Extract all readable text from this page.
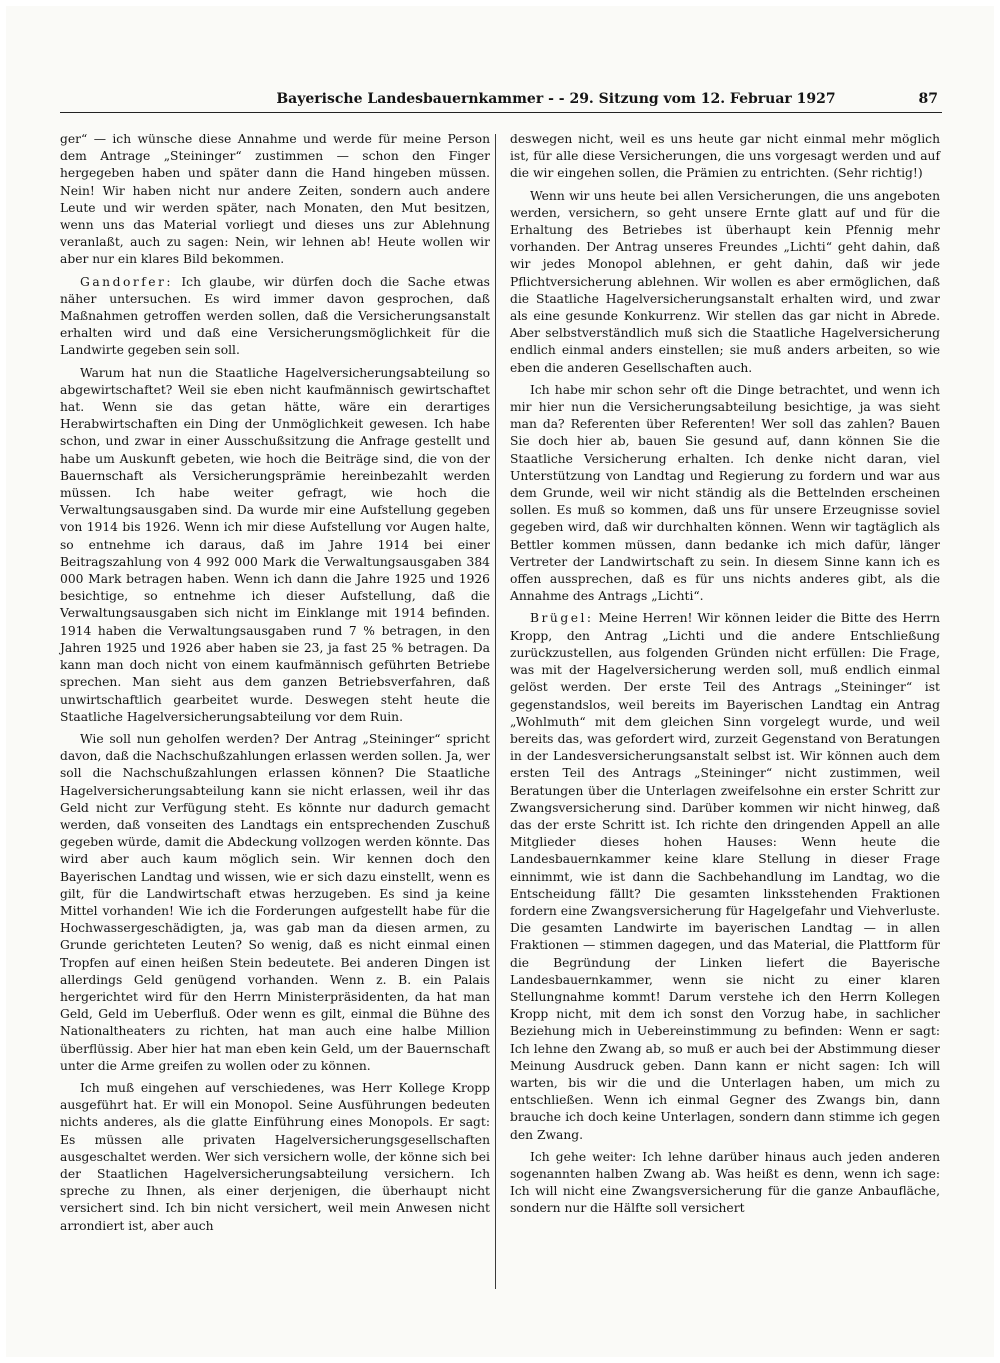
Bayerische Landesbauernkammer - - 29. Sitzung vom 12. Februar 1927	87

ger“ — ich wünsche diese Annahme und werde für meine Person dem Antrage „Steininger“ zustimmen — schon den Finger hergegeben haben und später dann die Hand hingeben müssen. Nein! Wir haben nicht nur andere Zeiten, sondern auch andere Leute und wir werden später, nach Monaten, den Mut besitzen, wenn uns das Material vorliegt und dieses uns zur Ablehnung veranlaßt, auch zu sagen: Nein, wir lehnen ab! Heute wollen wir aber nur ein klares Bild bekommen.

Gandorfer: Ich glaube, wir dürfen doch die Sache etwas näher untersuchen. Es wird immer davon gesprochen, daß Maßnahmen getroffen werden sollen, daß die Versicherungsanstalt erhalten wird und daß eine Versicherungsmöglichkeit für die Landwirte gegeben sein soll.

Warum hat nun die Staatliche Hagelversicherungsabteilung so abgewirtschaftet? Weil sie eben nicht kaufmännisch gewirtschaftet hat. Wenn sie das getan hätte, wäre ein derartiges Herabwirtschaften ein Ding der Unmöglichkeit gewesen. Ich habe schon, und zwar in einer Ausschußsitzung die Anfrage gestellt und habe um Auskunft gebeten, wie hoch die Beiträge sind, die von der Bauernschaft als Versicherungsprämie hereinbezahlt werden müssen. Ich habe weiter gefragt, wie hoch die Verwaltungsausgaben sind. Da wurde mir eine Aufstellung gegeben von 1914 bis 1926. Wenn ich mir diese Aufstellung vor Augen halte, so entnehme ich daraus, daß im Jahre 1914 bei einer Beitragszahlung von 4 992 000 Mark die Verwaltungsausgaben 384 000 Mark betragen haben. Wenn ich dann die Jahre 1925 und 1926 besichtige, so entnehme ich dieser Aufstellung, daß die Verwaltungsausgaben sich nicht im Einklange mit 1914 befinden. 1914 haben die Verwaltungsausgaben rund 7 % betragen, in den Jahren 1925 und 1926 aber haben sie 23, ja fast 25 % betragen. Da kann man doch nicht von einem kaufmännisch geführten Betriebe sprechen. Man sieht aus dem ganzen Betriebsverfahren, daß unwirtschaftlich gearbeitet wurde. Deswegen steht heute die Staatliche Hagelversicherungsabteilung vor dem Ruin.

Wie soll nun geholfen werden? Der Antrag „Steininger“ spricht davon, daß die Nachschußzahlungen erlassen werden sollen. Ja, wer soll die Nachschußzahlungen erlassen können? Die Staatliche Hagelversicherungsabteilung kann sie nicht erlassen, weil ihr das Geld nicht zur Verfügung steht. Es könnte nur dadurch gemacht werden, daß vonseiten des Landtags ein entsprechenden Zuschuß gegeben würde, damit die Abdeckung vollzogen werden könnte. Das wird aber auch kaum möglich sein. Wir kennen doch den Bayerischen Landtag und wissen, wie er sich dazu einstellt, wenn es gilt, für die Landwirtschaft etwas herzugeben. Es sind ja keine Mittel vorhanden! Wie ich die Forderungen aufgestellt habe für die Hochwassergeschädigten, ja, was gab man da diesen armen, zu Grunde gerichteten Leuten? So wenig, daß es nicht einmal einen Tropfen auf einen heißen Stein bedeutete. Bei anderen Dingen ist allerdings Geld genügend vorhanden. Wenn z. B. ein Palais hergerichtet wird für den Herrn Ministerpräsidenten, da hat man Geld, Geld im Ueberfluß. Oder wenn es gilt, einmal die Bühne des Nationaltheaters zu richten, hat man auch eine halbe Million überflüssig. Aber hier hat man eben kein Geld, um der Bauernschaft unter die Arme greifen zu wollen oder zu können.

Ich muß eingehen auf verschiedenes, was Herr Kollege Kropp ausgeführt hat. Er will ein Monopol. Seine Ausführungen bedeuten nichts anderes, als die glatte Einführung eines Monopols. Er sagt: Es müssen alle privaten Hagelversicherungsgesellschaften ausgeschaltet werden. Wer sich versichern wolle, der könne sich bei der Staatlichen Hagelversicherungsabteilung versichern. Ich spreche zu Ihnen, als einer derjenigen, die überhaupt nicht versichert sind. Ich bin nicht versichert, weil mein Anwesen nicht arrondiert ist, aber auch

deswegen nicht, weil es uns heute gar nicht einmal mehr möglich ist, für alle diese Versicherungen, die uns vorgesagt werden und auf die wir eingehen sollen, die Prämien zu entrichten. (Sehr richtig!)

Wenn wir uns heute bei allen Versicherungen, die uns angeboten werden, versichern, so geht unsere Ernte glatt auf und für die Erhaltung des Betriebes ist überhaupt kein Pfennig mehr vorhanden. Der Antrag unseres Freundes „Lichti“ geht dahin, daß wir jedes Monopol ablehnen, er geht dahin, daß wir jede Pflichtversicherung ablehnen. Wir wollen es aber ermöglichen, daß die Staatliche Hagelversicherungsanstalt erhalten wird, und zwar als eine gesunde Konkurrenz. Wir stellen das gar nicht in Abrede. Aber selbstverständlich muß sich die Staatliche Hagelversicherung endlich einmal anders einstellen; sie muß anders arbeiten, so wie eben die anderen Gesellschaften auch.

Ich habe mir schon sehr oft die Dinge betrachtet, und wenn ich mir hier nun die Versicherungsabteilung besichtige, ja was sieht man da? Referenten über Referenten! Wer soll das zahlen? Bauen Sie doch hier ab, bauen Sie gesund auf, dann können Sie die Staatliche Versicherung erhalten. Ich denke nicht daran, viel Unterstützung von Landtag und Regierung zu fordern und war aus dem Grunde, weil wir nicht ständig als die Bettelnden erscheinen sollen. Es muß so kommen, daß uns für unsere Erzeugnisse soviel gegeben wird, daß wir durchhalten können. Wenn wir tagtäglich als Bettler kommen müssen, dann bedanke ich mich dafür, länger Vertreter der Landwirtschaft zu sein. In diesem Sinne kann ich es offen aussprechen, daß es für uns nichts anderes gibt, als die Annahme des Antrags „Lichti“.

Brügel: Meine Herren! Wir können leider die Bitte des Herrn Kropp, den Antrag „Lichti und die andere Entschließung zurückzustellen, aus folgenden Gründen nicht erfüllen: Die Frage, was mit der Hagelversicherung werden soll, muß endlich einmal gelöst werden. Der erste Teil des Antrags „Steininger“ ist gegenstandslos, weil bereits im Bayerischen Landtag ein Antrag „Wohlmuth“ mit dem gleichen Sinn vorgelegt wurde, und weil bereits das, was gefordert wird, zurzeit Gegenstand von Beratungen in der Landesversicherungsanstalt selbst ist. Wir können auch dem ersten Teil des Antrags „Steininger“ nicht zustimmen, weil Beratungen über die Unterlagen zweifelsohne ein erster Schritt zur Zwangsversicherung sind. Darüber kommen wir nicht hinweg, daß das der erste Schritt ist. Ich richte den dringenden Appell an alle Mitglieder dieses hohen Hauses: Wenn heute die Landesbauernkammer keine klare Stellung in dieser Frage einnimmt, wie ist dann die Sachbehandlung im Landtag, wo die Entscheidung fällt? Die gesamten linksstehenden Fraktionen fordern eine Zwangsversicherung für Hagelgefahr und Viehverluste. Die gesamten Landwirte im bayerischen Landtag — in allen Fraktionen — stimmen dagegen, und das Material, die Plattform für die Begründung der Linken liefert die Bayerische Landesbauernkammer, wenn sie nicht zu einer klaren Stellungnahme kommt! Darum verstehe ich den Herrn Kollegen Kropp nicht, mit dem ich sonst den Vorzug habe, in sachlicher Beziehung mich in Uebereinstimmung zu befinden: Wenn er sagt: Ich lehne den Zwang ab, so muß er auch bei der Abstimmung dieser Meinung Ausdruck geben. Dann kann er nicht sagen: Ich will warten, bis wir die und die Unterlagen haben, um mich zu entschließen. Wenn ich einmal Gegner des Zwangs bin, dann brauche ich doch keine Unterlagen, sondern dann stimme ich gegen den Zwang.

Ich gehe weiter: Ich lehne darüber hinaus auch jeden anderen sogenannten halben Zwang ab. Was heißt es denn, wenn ich sage: Ich will nicht eine Zwangsversicherung für die ganze Anbaufläche, sondern nur die Hälfte soll versichert
